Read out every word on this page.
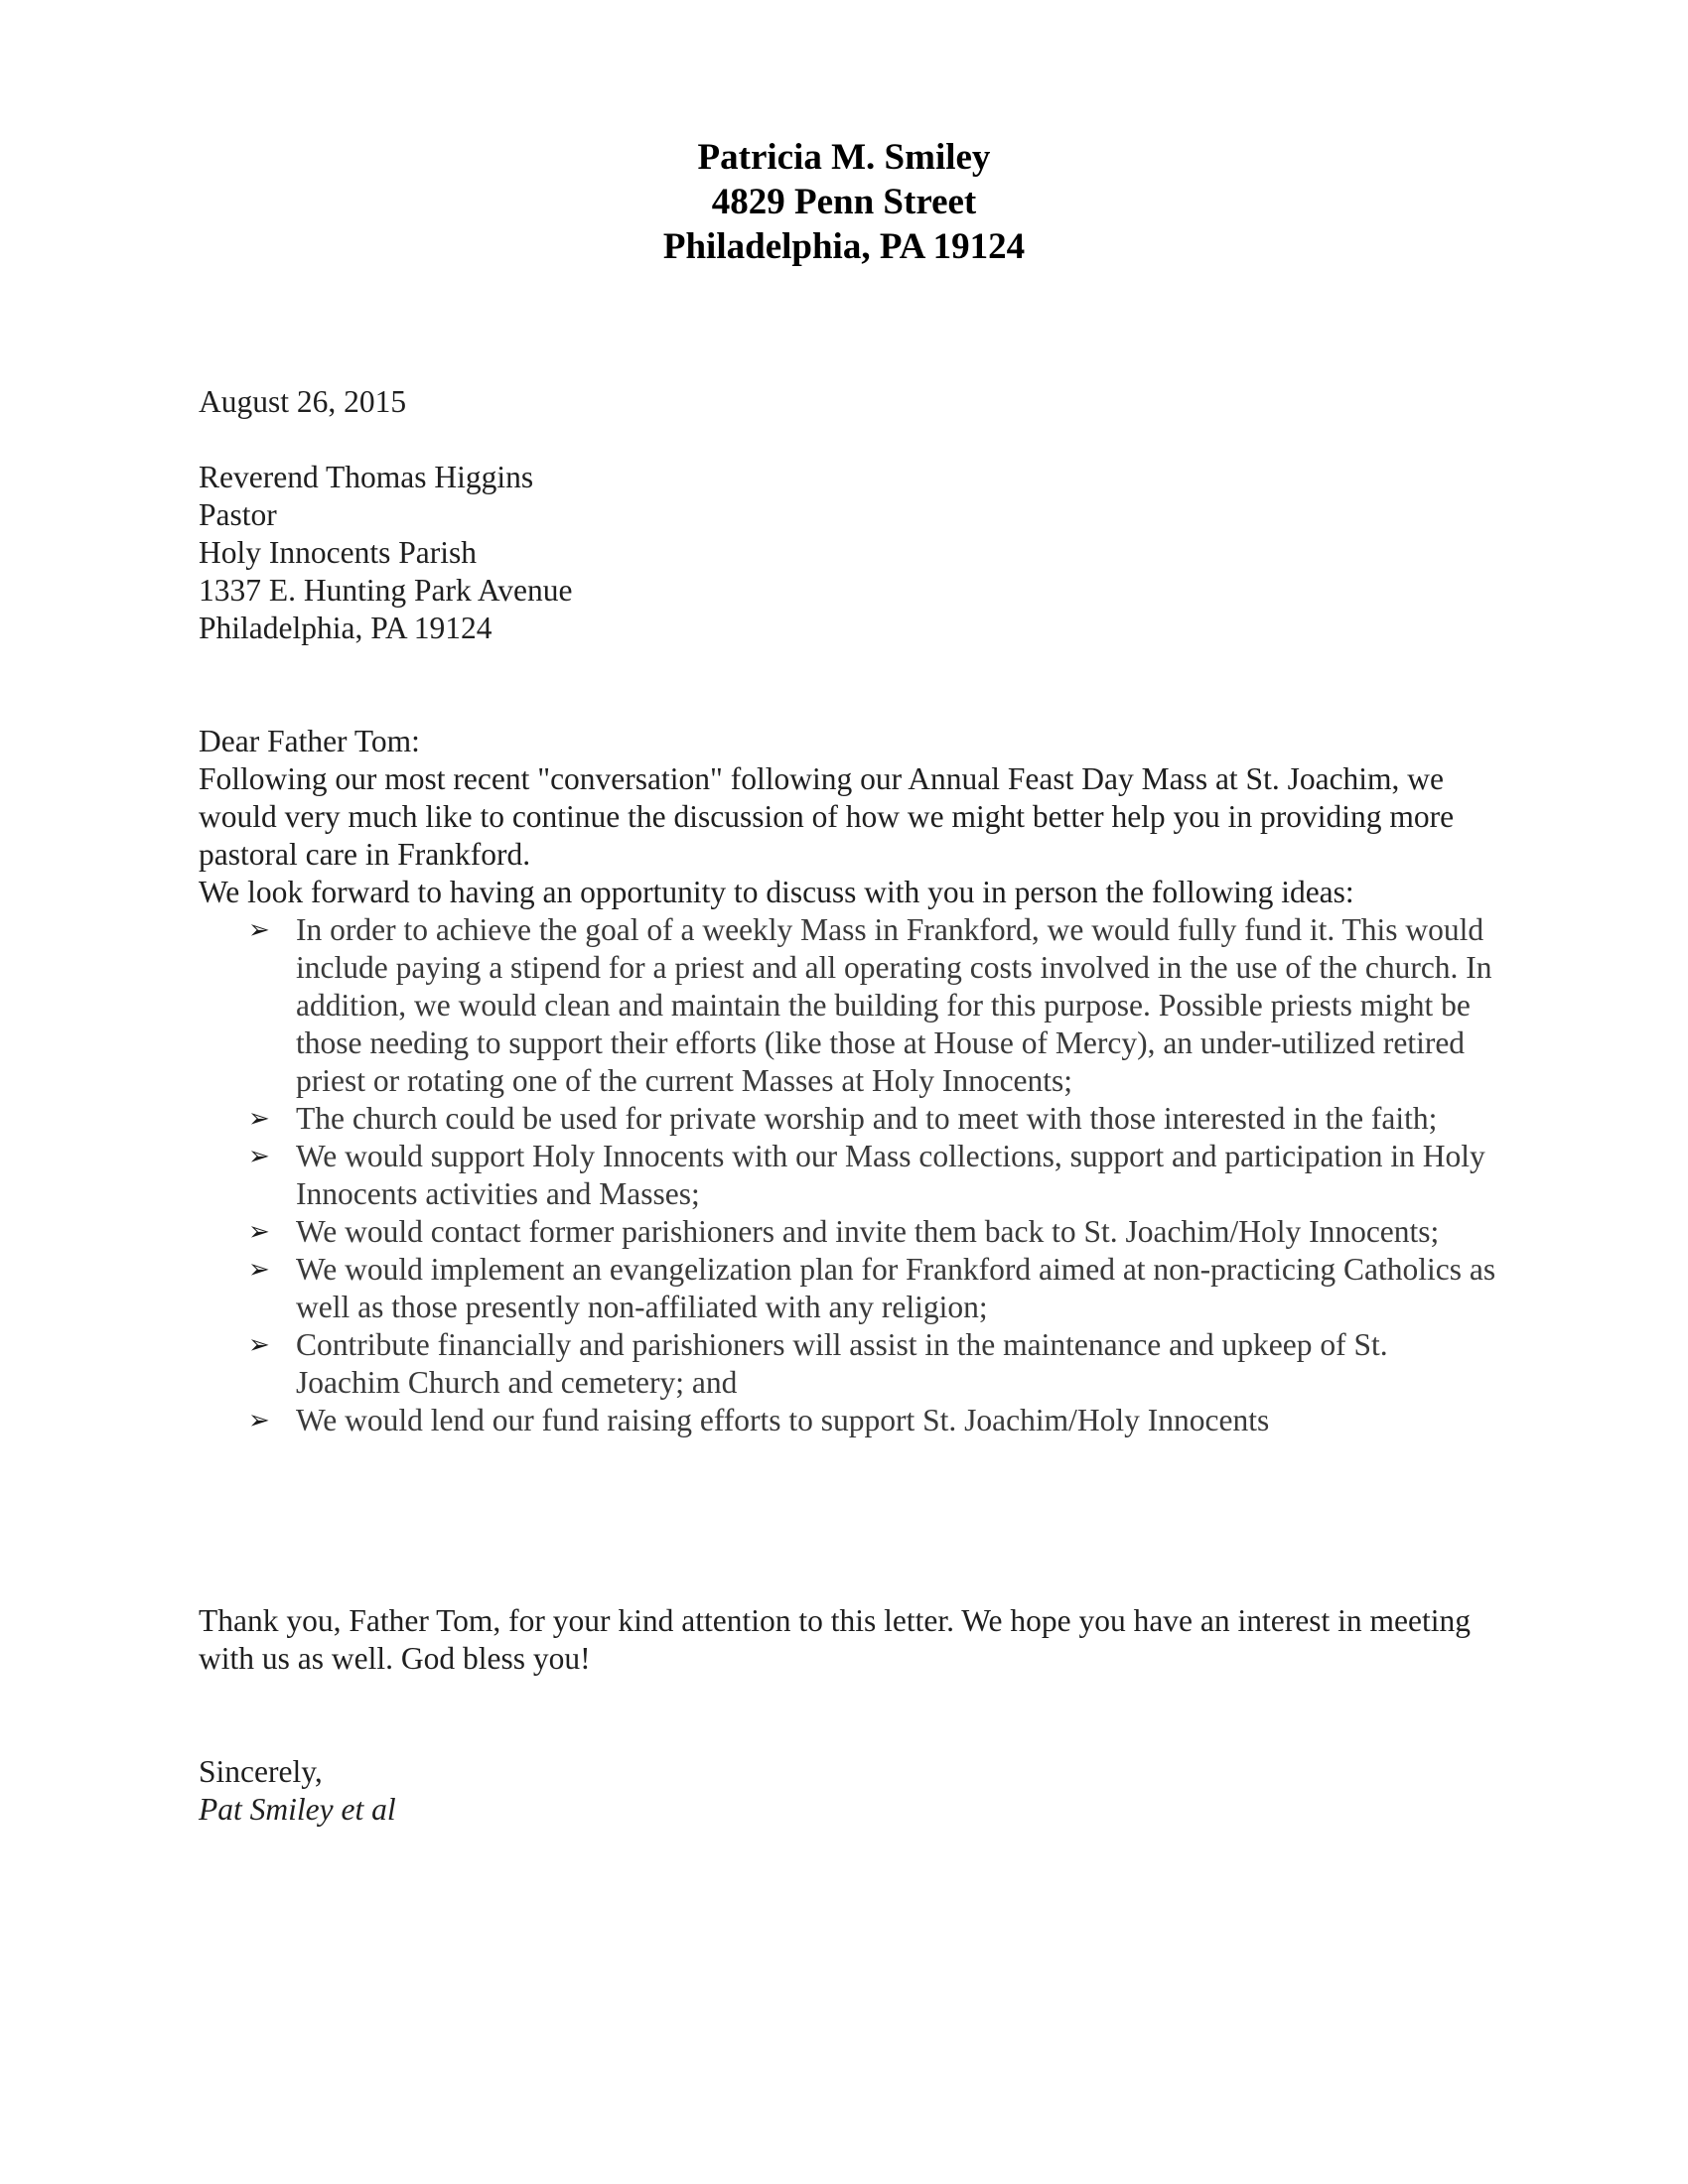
Patricia M. Smiley
4829 Penn Street
Philadelphia, PA 19124
August 26, 2015
Reverend Thomas Higgins
Pastor
Holy Innocents Parish
1337 E. Hunting Park Avenue
Philadelphia, PA 19124
Dear Father Tom:
Following our most recent "conversation" following our Annual Feast Day Mass at St. Joachim, we would very much like to continue the discussion of how we might better help you in providing more pastoral care in Frankford.
We look forward to having an opportunity to discuss with you in person the following ideas:
➢ In order to achieve the goal of a weekly Mass in Frankford, we would fully fund it. This would include paying a stipend for a priest and all operating costs involved in the use of the church. In addition, we would clean and maintain the building for this purpose. Possible priests might be those needing to support their efforts (like those at House of Mercy), an under-utilized retired priest or rotating one of the current Masses at Holy Innocents;
➢ The church could be used for private worship and to meet with those interested in the faith;
➢ We would support Holy Innocents with our Mass collections, support and participation in Holy Innocents activities and Masses;
➢ We would contact former parishioners and invite them back to St. Joachim/Holy Innocents;
➢ We would implement an evangelization plan for Frankford aimed at non-practicing Catholics as well as those presently non-affiliated with any religion;
➢ Contribute financially and parishioners will assist in the maintenance and upkeep of St. Joachim Church and cemetery; and
➢ We would lend our fund raising efforts to support St. Joachim/Holy Innocents
Thank you, Father Tom, for your kind attention to this letter. We hope you have an interest in meeting with us as well. God bless you!
Sincerely,
Pat Smiley et al
